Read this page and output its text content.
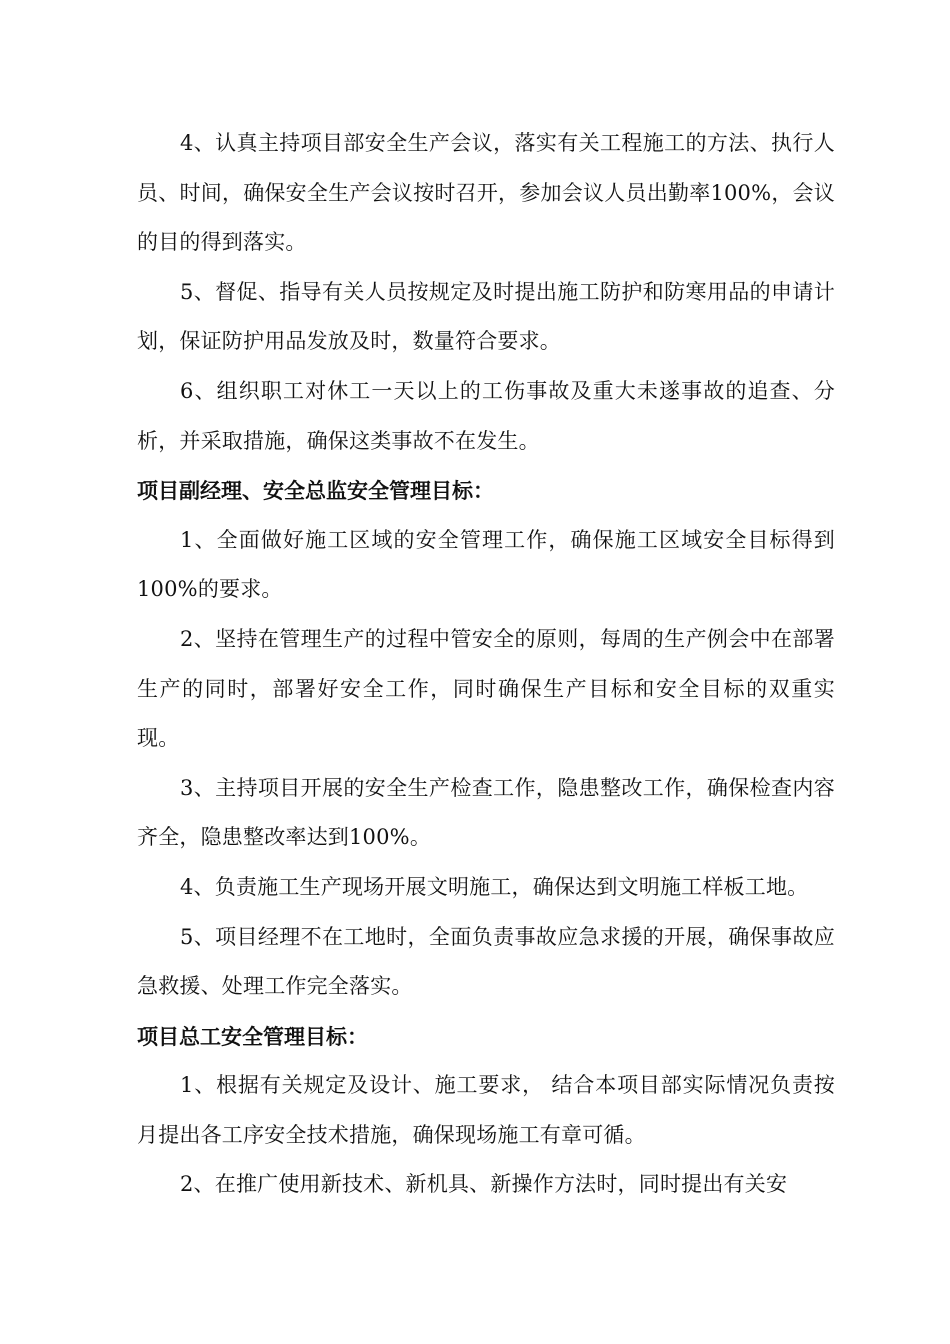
4、认真主持项目部安全生产会议，落实有关工程施工的方法、执行人员、时间，确保安全生产会议按时召开，参加会议人员出勤率100%，会议的目的得到落实。

5、督促、指导有关人员按规定及时提出施工防护和防寒用品的申请计划，保证防护用品发放及时，数量符合要求。

6、组织职工对休工一天以上的工伤事故及重大未遂事故的追查、分析，并采取措施，确保这类事故不在发生。

项目副经理、安全总监安全管理目标：

1、全面做好施工区域的安全管理工作，确保施工区域安全目标得到100%的要求。

2、坚持在管理生产的过程中管安全的原则，每周的生产例会中在部署生产的同时，部署好安全工作，同时确保生产目标和安全目标的双重实现。

3、主持项目开展的安全生产检查工作，隐患整改工作，确保检查内容齐全，隐患整改率达到100%。

4、负责施工生产现场开展文明施工，确保达到文明施工样板工地。

5、项目经理不在工地时，全面负责事故应急求援的开展，确保事故应急救援、处理工作完全落实。

项目总工安全管理目标：

1、根据有关规定及设计、施工要求， 结合本项目部实际情况负责按月提出各工序安全技术措施，确保现场施工有章可循。

2、在推广使用新技术、新机具、新操作方法时，同时提出有关安
